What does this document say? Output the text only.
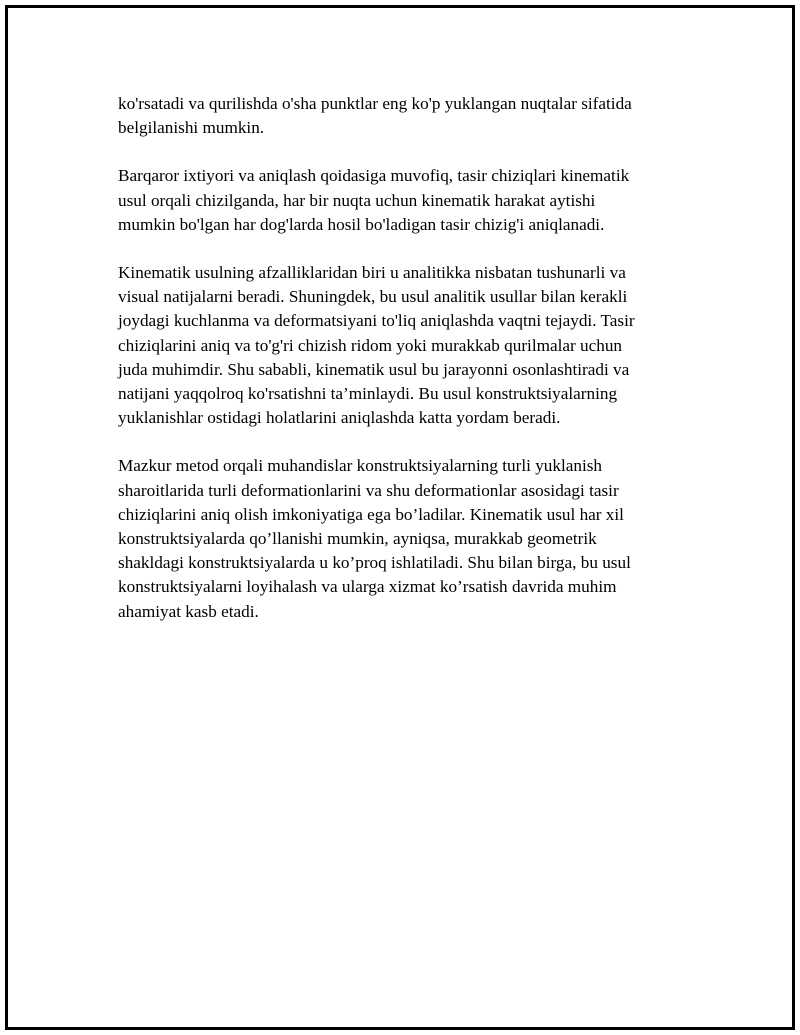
ko'rsatadi va qurilishda o'sha punktlar eng ko'p yuklangan nuqtalar sifatida
belgilanishi mumkin.

Barqaror ixtiyori va aniqlash qoidasiga muvofiq, tasir chiziqlari kinematik
usul orqali chizilganda, har bir nuqta uchun kinematik harakat aytishi
mumkin bo'lgan har dog'larda hosil bo'ladigan tasir chizig'i aniqlanadi.

Kinematik usulning afzalliklaridan biri u analitikka nisbatan tushunarli va
visual natijalarni beradi. Shuningdek, bu usul analitik usullar bilan kerakli
joydagi kuchlanma va deformatsiyani to'liq aniqlashda vaqtni tejaydi. Tasir
chiziqlarini aniq va to'g'ri chizish ridom yoki murakkab qurilmalar uchun
juda muhimdir. Shu sababli, kinematik usul bu jarayonni osonlashtiradi va
natijani yaqqolroq ko'rsatishni ta’minlaydi. Bu usul konstruktsiyalarning
yuklanishlar ostidagi holatlarini aniqlashda katta yordam beradi.

Mazkur metod orqali muhandislar konstruktsiyalarning turli yuklanish
sharoitlarida turli deformationlarini va shu deformationlar asosidagi tasir
chiziqlarini aniq olish imkoniyatiga ega bo’ladilar. Kinematik usul har xil
konstruktsiyalarda qo’llanishi mumkin, ayniqsa, murakkab geometrik
shakldagi konstruktsiyalarda u ko’proq ishlatiladi. Shu bilan birga, bu usul
konstruktsiyalarni loyihalash va ularga xizmat ko’rsatish davrida muhim
ahamiyat kasb etadi.
